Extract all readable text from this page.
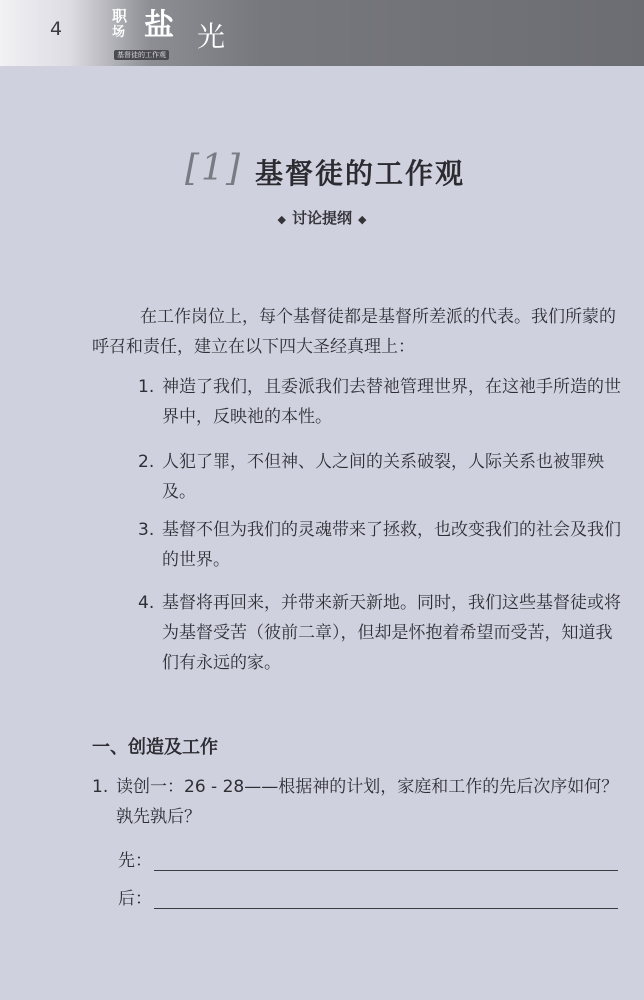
4
职
场 盐 光
基督徒的工作观
[1] 基督徒的工作观
◆ 讨论提纲 ◆

在工作岗位上，每个基督徒都是基督所差派的代表。我们所蒙的呼召和责任，建立在以下四大圣经真理上：

1. 神造了我们，且委派我们去替祂管理世界，在这祂手所造的世界中，反映祂的本性。
2. 人犯了罪，不但神、人之间的关系破裂，人际关系也被罪殃及。
3. 基督不但为我们的灵魂带来了拯救，也改变我们的社会及我们的世界。
4. 基督将再回来，并带来新天新地。同时，我们这些基督徒或将为基督受苦（彼前二章），但却是怀抱着希望而受苦，知道我们有永远的家。
一、创造及工作
1. 读创一：26 - 28——根据神的计划，家庭和工作的先后次序如何？孰先孰后？
先：
后：
